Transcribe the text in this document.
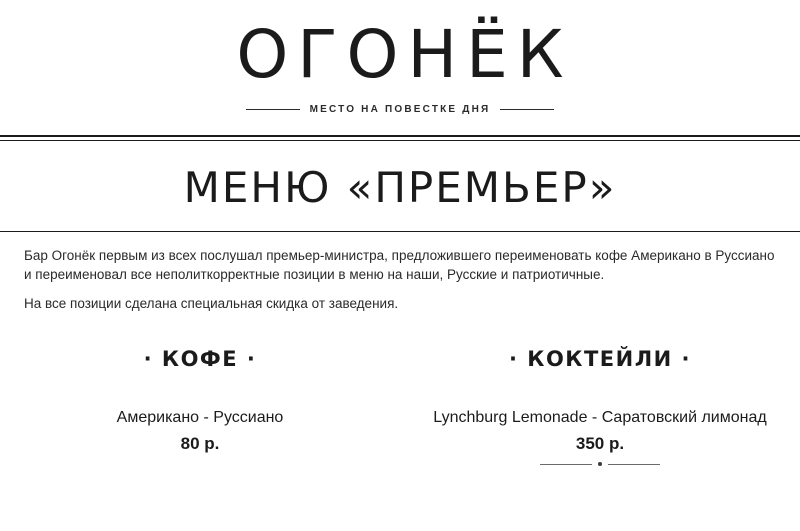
ОГОНЁК
МЕСТО НА ПОВЕСТКЕ ДНЯ
МЕНЮ «ПРЕМЬЕР»

Бар Огонёк первым из всех послушал премьер-министра, предложившего переименовать кофе Американо в Руссиано и переименовал все неполиткорректные позиции в меню на наши, Русские и патриотичные.

На все позиции сделана специальная скидка от заведения.

· КОФЕ ·
Американо - Руссиано
80 р.
· КОКТЕЙЛИ ·
Lynchburg Lemonade - Саратовский лимонад
350 р.
